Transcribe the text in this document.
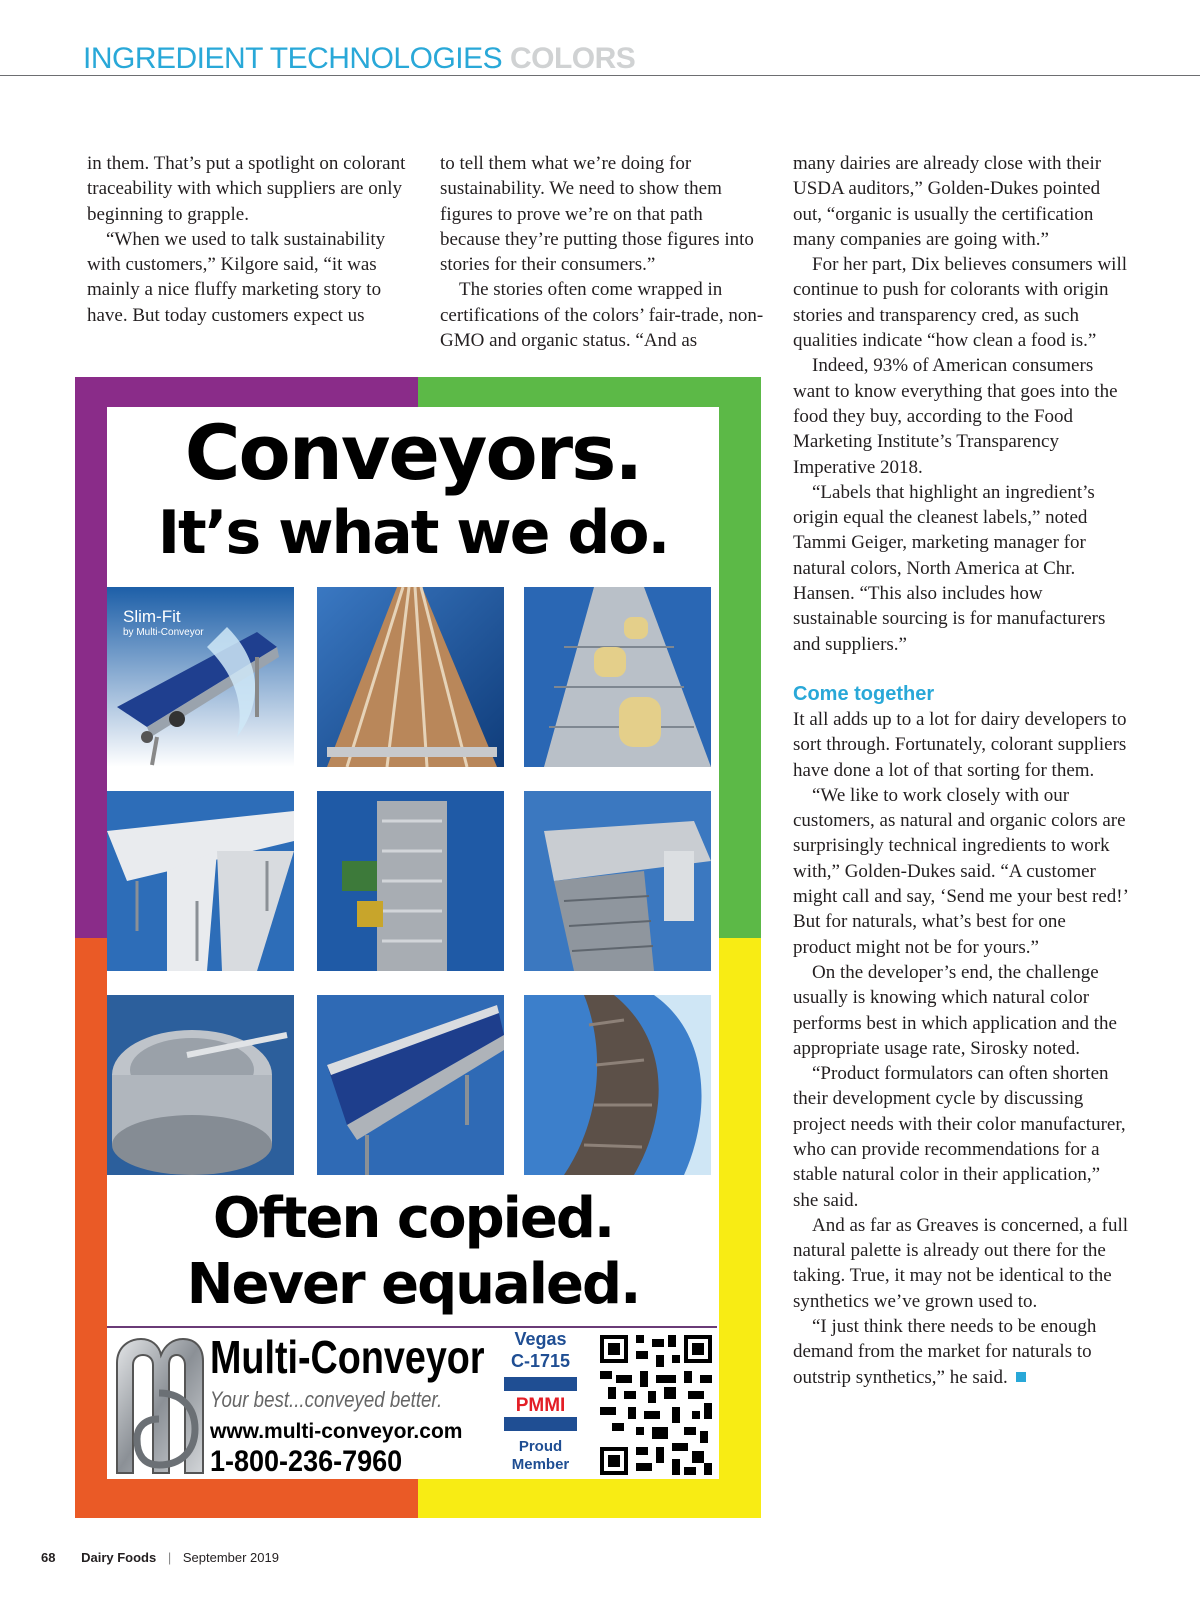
INGREDIENT TECHNOLOGIES COLORS

in them. That’s put a spotlight on colorant traceability with which suppliers are only beginning to grapple.

“When we used to talk sustainability with customers,” Kilgore said, “it was mainly a nice fluffy marketing story to have. But today customers expect us

to tell them what we’re doing for sustainability. We need to show them figures to prove we’re on that path because they’re putting those figures into stories for their consumers.”

The stories often come wrapped in certifications of the colors’ fair-trade, non-GMO and organic status. “And as

many dairies are already close with their USDA auditors,” Golden-Dukes pointed out, “organic is usually the certification many companies are going with.”

For her part, Dix believes consumers will continue to push for colorants with origin stories and transparency cred, as such qualities indicate “how clean a food is.”

Indeed, 93% of American consumers want to know everything that goes into the food they buy, according to the Food Marketing Institute’s Transparency Imperative 2018.

“Labels that highlight an ingredient’s origin equal the cleanest labels,” noted Tammi Geiger, marketing manager for natural colors, North America at Chr. Hansen. “This also includes how sustainable sourcing is for manufacturers and suppliers.”

Come together

It all adds up to a lot for dairy developers to sort through. Fortunately, colorant suppliers have done a lot of that sorting for them.

“We like to work closely with our customers, as natural and organic colors are surprisingly technical ingredients to work with,” Golden-Dukes said. “A customer might call and say, ‘Send me your best red!’ But for naturals, what’s best for one product might not be for yours.”

On the developer’s end, the challenge usually is knowing which natural color performs best in which application and the appropriate usage rate, Sirosky noted.

“Product formulators can often shorten their development cycle by discussing project needs with their color manufacturer, who can provide recommendations for a stable natural color in their application,” she said.

And as far as Greaves is concerned, a full natural palette is already out there for the taking. True, it may not be identical to the synthetics we’ve grown used to.

“I just think there needs to be enough demand from the market for naturals to outstrip synthetics,” he said.

Conveyors.
It’s what we do.
Slim-Fit
by Multi-Conveyor
Often copied.
Never equaled.
Multi-Conveyor
Your best...conveyed better.
www.multi-conveyor.com
1-800-236-7960
Vegas
C-1715
PMMI
Proud
Member
68 Dairy Foods | September 2019
